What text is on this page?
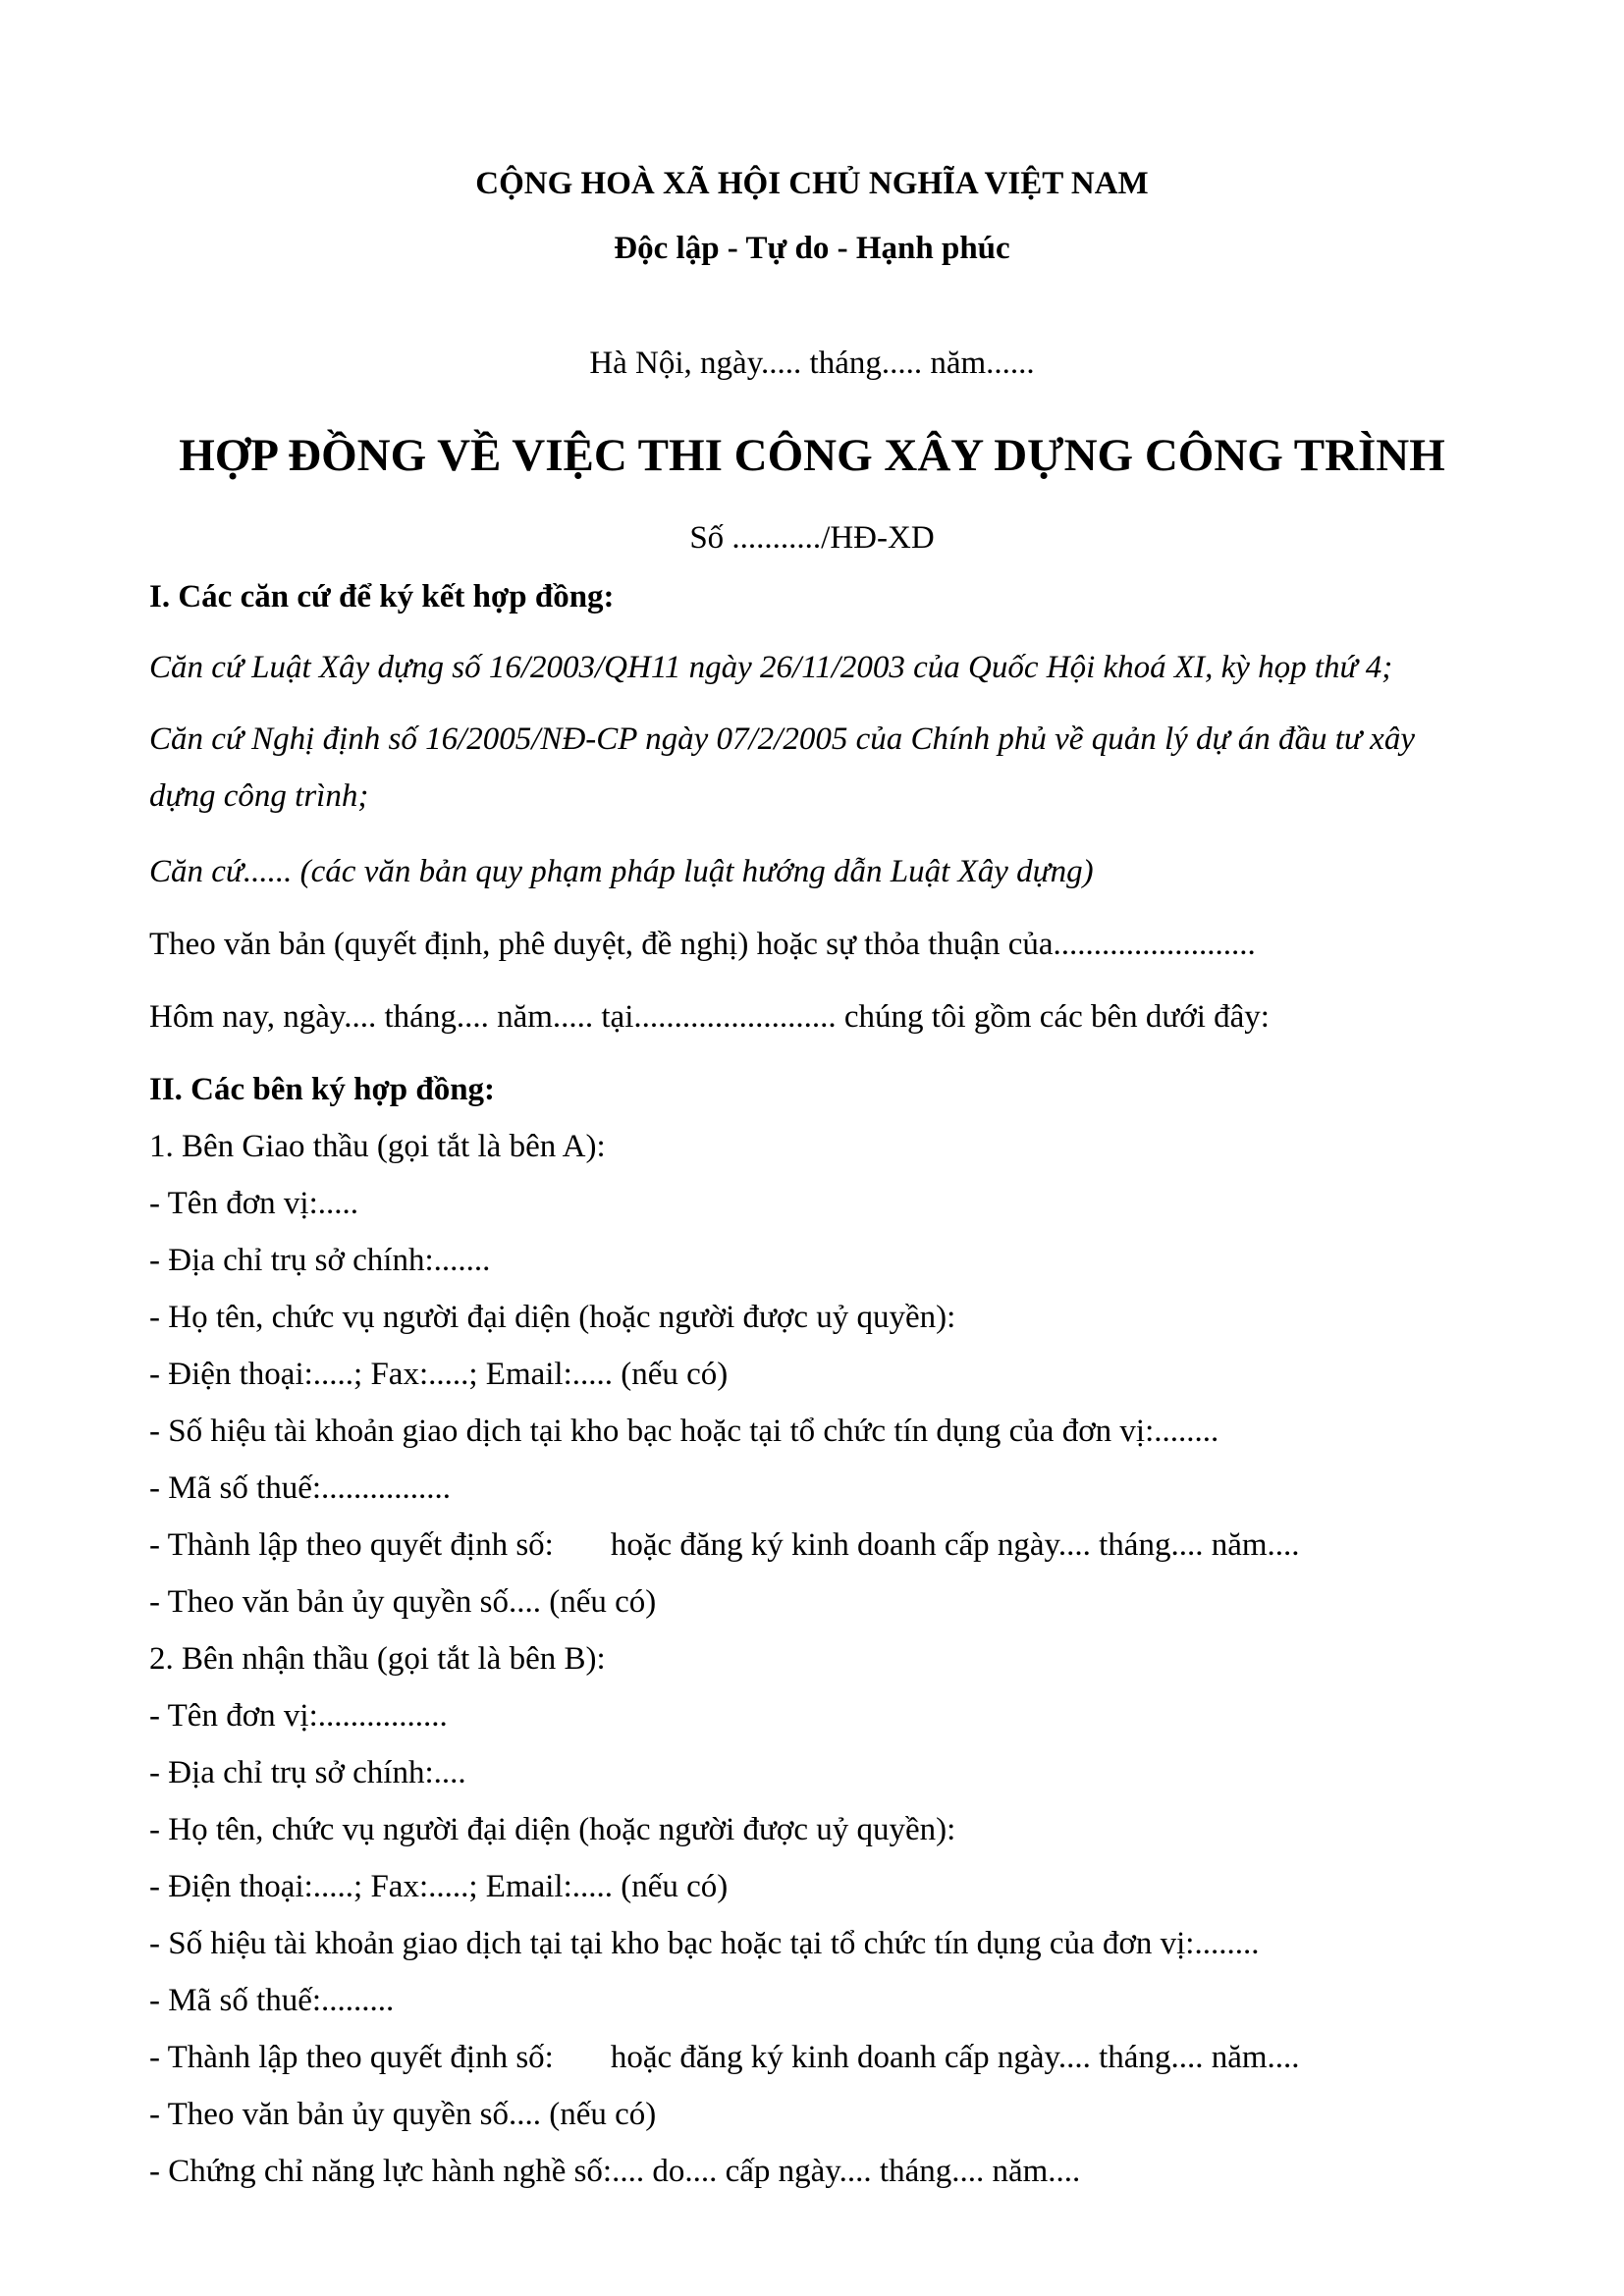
CỘNG HOÀ XÃ HỘI CHỦ NGHĨA VIỆT NAM
Độc lập - Tự do - Hạnh phúc
Hà Nội, ngày..... tháng..... năm......
HỢP ĐỒNG VỀ VIỆC THI CÔNG XÂY DỰNG CÔNG TRÌNH
Số .........../HĐ-XD
I. Các căn cứ để ký kết hợp đồng:
Căn cứ Luật Xây dựng số 16/2003/QH11 ngày 26/11/2003 của Quốc Hội khoá XI, kỳ họp thứ 4;
Căn cứ Nghị định số 16/2005/NĐ-CP ngày 07/2/2005 của Chính phủ về quản lý dự án đầu tư xây
dựng công trình;
Căn cứ...... (các văn bản quy phạm pháp luật hướng dẫn Luật Xây dựng)
Theo văn bản (quyết định, phê duyệt, đề nghị) hoặc sự thỏa thuận của.........................
Hôm nay, ngày.... tháng.... năm..... tại......................... chúng tôi gồm các bên dưới đây:
II. Các bên ký hợp đồng:
1. Bên Giao thầu (gọi tắt là bên A):
- Tên đơn vị:.....
- Địa chỉ trụ sở chính:.......
- Họ tên, chức vụ người đại diện (hoặc người được uỷ quyền):
- Điện thoại:.....; Fax:.....; Email:..... (nếu có)
- Số hiệu tài khoản giao dịch tại kho bạc hoặc tại tổ chức tín dụng của đơn vị:........
- Mã số thuế:................
- Thành lập theo quyết định số: hoặc đăng ký kinh doanh cấp ngày.... tháng.... năm....
- Theo văn bản ủy quyền số.... (nếu có)
2. Bên nhận thầu (gọi tắt là bên B):
- Tên đơn vị:................
- Địa chỉ trụ sở chính:....
- Họ tên, chức vụ người đại diện (hoặc người được uỷ quyền):
- Điện thoại:.....; Fax:.....; Email:..... (nếu có)
- Số hiệu tài khoản giao dịch tại tại kho bạc hoặc tại tổ chức tín dụng của đơn vị:........
- Mã số thuế:.........
- Thành lập theo quyết định số: hoặc đăng ký kinh doanh cấp ngày.... tháng.... năm....
- Theo văn bản ủy quyền số.... (nếu có)
- Chứng chỉ năng lực hành nghề số:.... do.... cấp ngày.... tháng.... năm....
